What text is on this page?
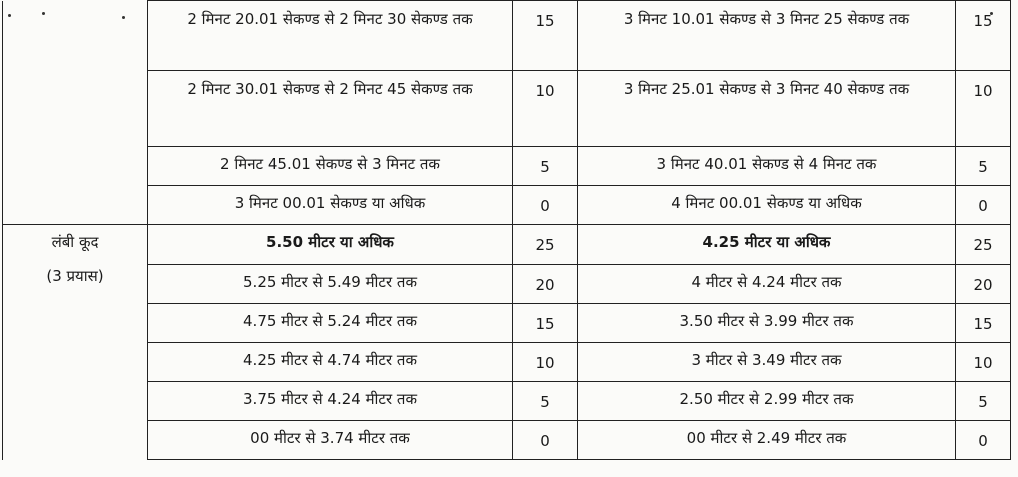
	2 मिनट 20.01 सेकण्ड से 2 मिनट 30 सेकण्ड तक	15	3 मिनट 10.01 सेकण्ड से 3 मिनट 25 सेकण्ड तक	15
	2 मिनट 30.01 सेकण्ड से 2 मिनट 45 सेकण्ड तक	10	3 मिनट 25.01 सेकण्ड से 3 मिनट 40 सेकण्ड तक	10
	2 मिनट 45.01 सेकण्ड से 3 मिनट तक	5	3 मिनट 40.01 सेकण्ड से 4 मिनट तक	5
	3 मिनट 00.01 सेकण्ड या अधिक	0	4 मिनट 00.01 सेकण्ड या अधिक	0

लंबी कूद
(3 प्रयास)	5.50 मीटर या अधिक	25	4.25 मीटर या अधिक	25
	5.25 मीटर से 5.49 मीटर तक	20	4 मीटर से 4.24 मीटर तक	20
	4.75 मीटर से 5.24 मीटर तक	15	3.50 मीटर से 3.99 मीटर तक	15
	4.25 मीटर से 4.74 मीटर तक	10	3 मीटर से 3.49 मीटर तक	10
	3.75 मीटर से 4.24 मीटर तक	5	2.50 मीटर से 2.99 मीटर तक	5
	00 मीटर से 3.74 मीटर तक	0	00 मीटर से 2.49 मीटर तक	0
